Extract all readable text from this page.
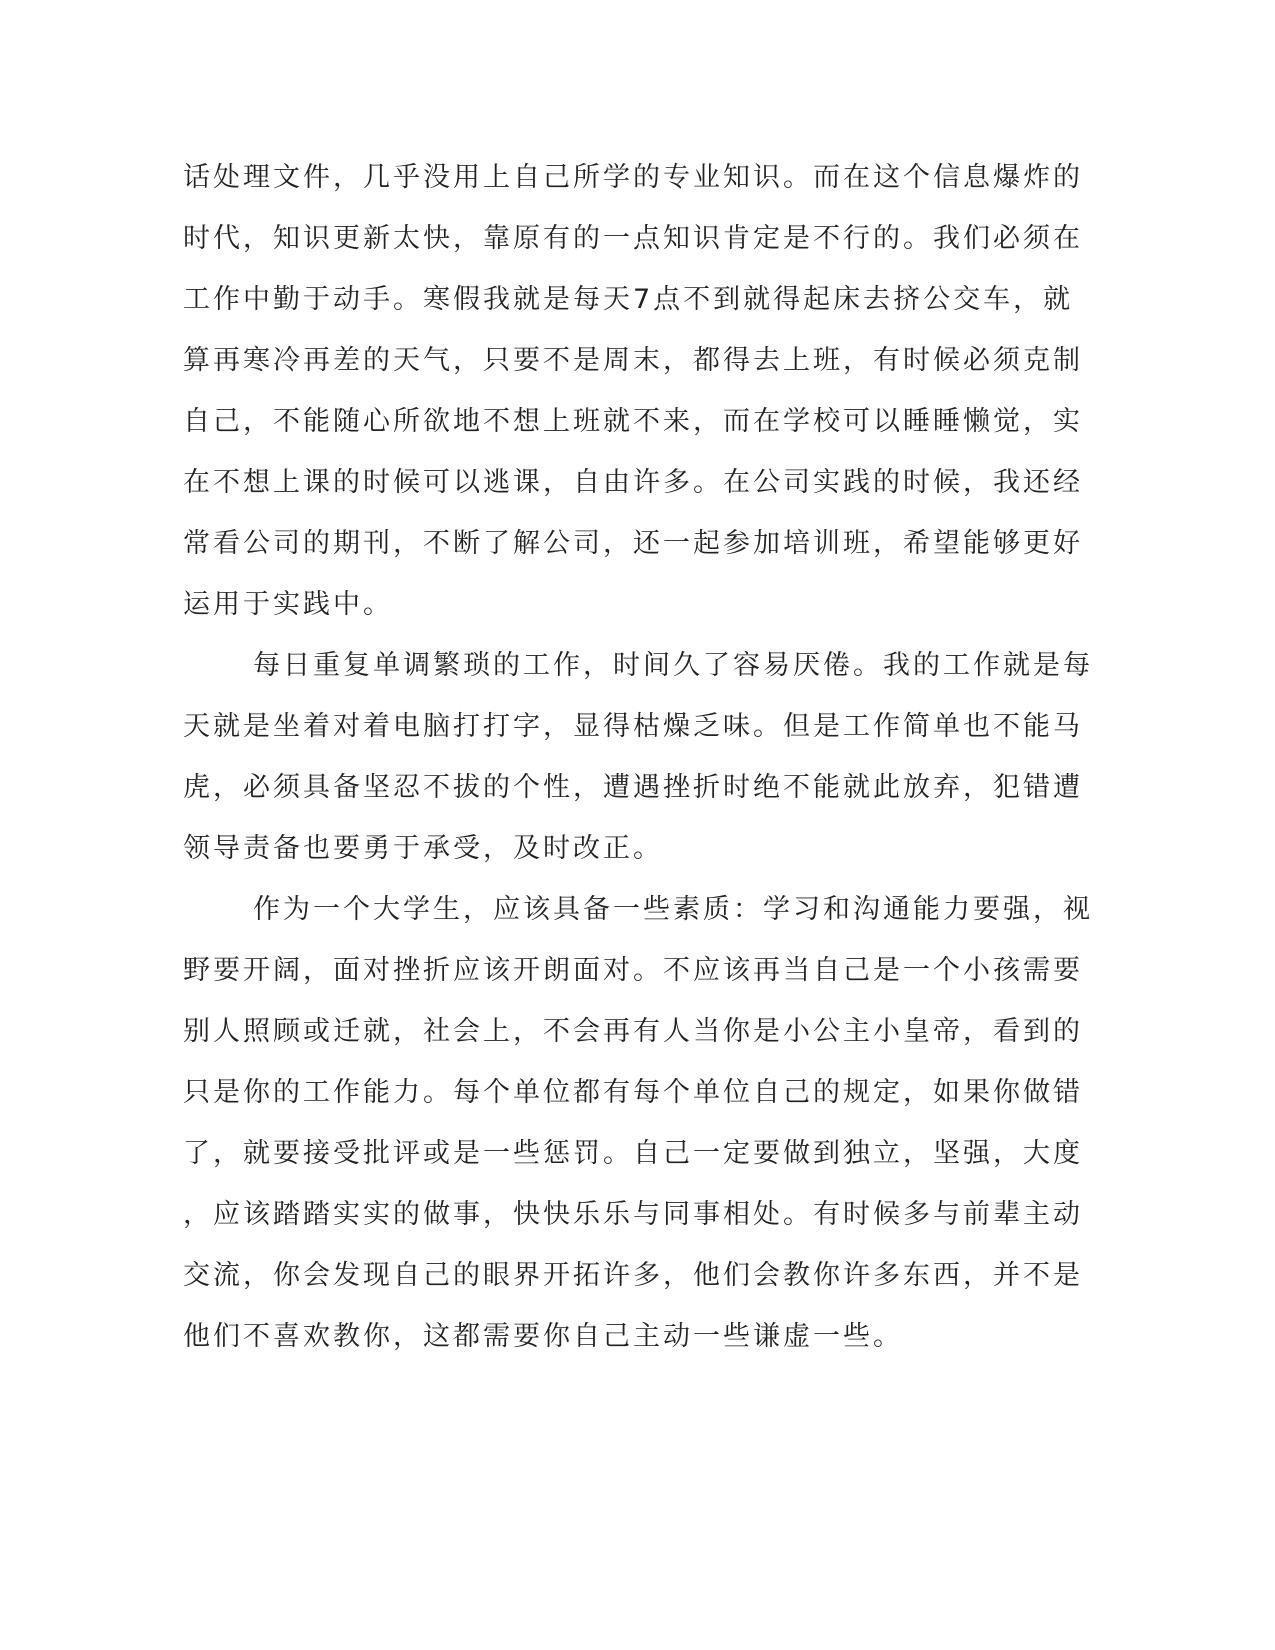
话处理文件，几乎没用上自己所学的专业知识。而在这个信息爆炸的
时代，知识更新太快，靠原有的一点知识肯定是不行的。我们必须在
工作中勤于动手。寒假我就是每天7点不到就得起床去挤公交车，就
算再寒冷再差的天气，只要不是周末，都得去上班，有时候必须克制
自己，不能随心所欲地不想上班就不来，而在学校可以睡睡懒觉，实
在不想上课的时候可以逃课，自由许多。在公司实践的时候，我还经
常看公司的期刊，不断了解公司，还一起参加培训班，希望能够更好
运用于实践中。
每日重复单调繁琐的工作，时间久了容易厌倦。我的工作就是每
天就是坐着对着电脑打打字，显得枯燥乏味。但是工作简单也不能马
虎，必须具备坚忍不拔的个性，遭遇挫折时绝不能就此放弃，犯错遭
领导责备也要勇于承受，及时改正。
作为一个大学生，应该具备一些素质：学习和沟通能力要强，视
野要开阔，面对挫折应该开朗面对。不应该再当自己是一个小孩需要
别人照顾或迁就，社会上，不会再有人当你是小公主小皇帝，看到的
只是你的工作能力。每个单位都有每个单位自己的规定，如果你做错
了，就要接受批评或是一些惩罚。自己一定要做到独立，坚强，大度
，应该踏踏实实的做事，快快乐乐与同事相处。有时候多与前辈主动
交流，你会发现自己的眼界开拓许多，他们会教你许多东西，并不是
他们不喜欢教你，这都需要你自己主动一些谦虚一些。
